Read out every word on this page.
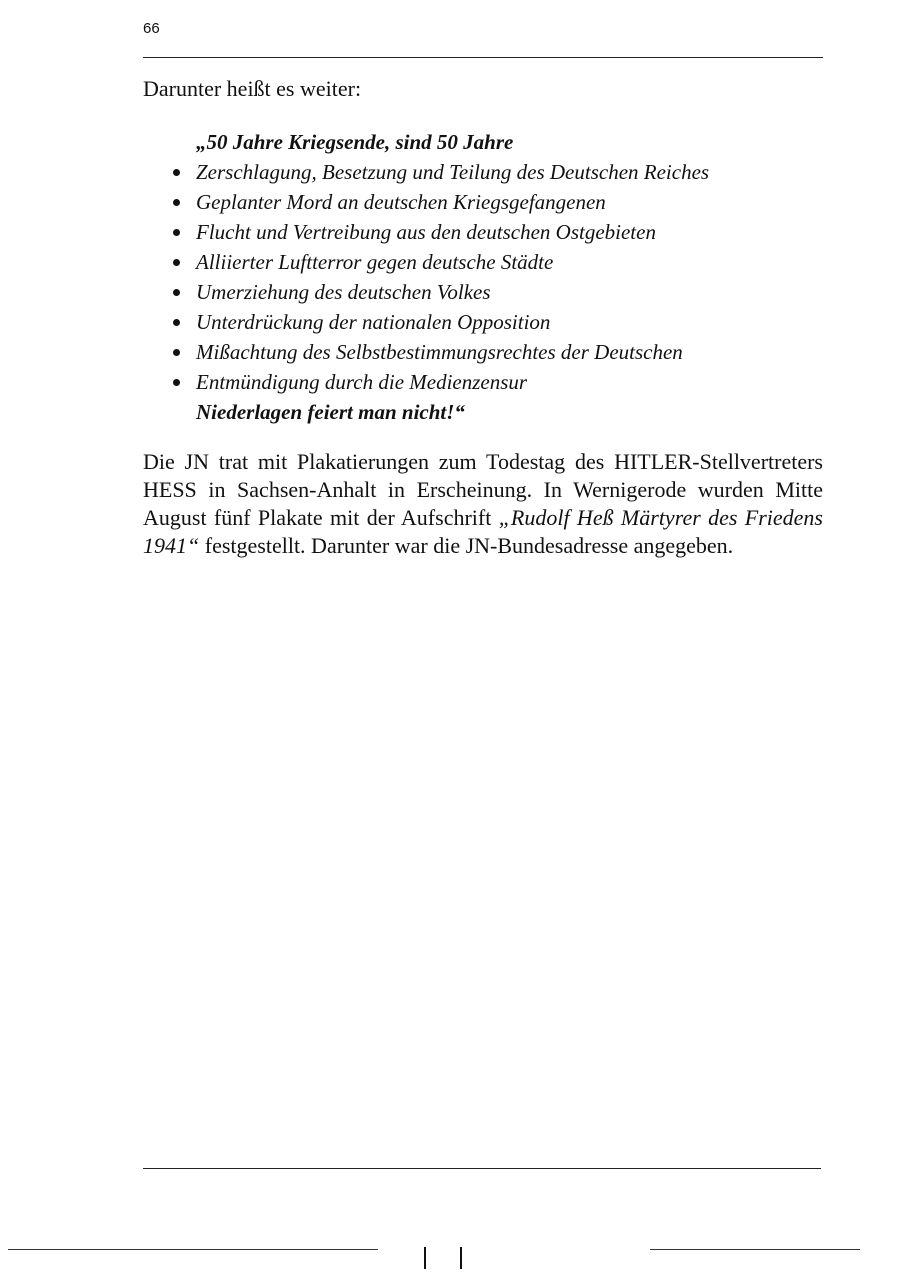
66

Darunter heißt es weiter:

„50 Jahre Kriegsende, sind 50 Jahre
Zerschlagung, Besetzung und Teilung des Deutschen Reiches
Geplanter Mord an deutschen Kriegsgefangenen
Flucht und Vertreibung aus den deutschen Ostgebieten
Alliierter Luftterror gegen deutsche Städte
Umerziehung des deutschen Volkes
Unterdrückung der nationalen Opposition
Mißachtung des Selbstbestimmungsrechtes der Deutschen
Entmündigung durch die Medienzensur
Niederlagen feiert man nicht!“

Die JN trat mit Plakatierungen zum Todestag des HITLER-Stellvertreters HESS in Sachsen-Anhalt in Erscheinung. In Wernigerode wurden Mitte August fünf Plakate mit der Aufschrift „Rudolf Heß Märtyrer des Friedens 1941“ festgestellt. Darunter war die JN-Bundesadresse angegeben.
